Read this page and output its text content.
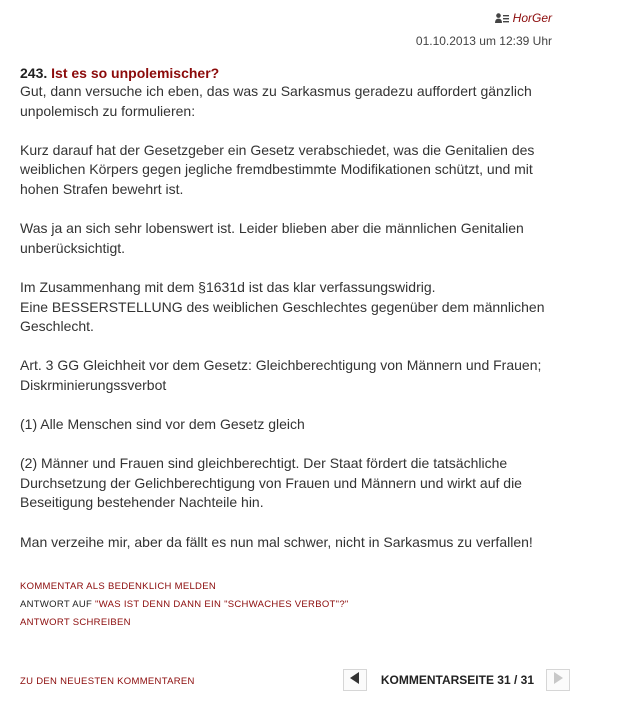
HorGer
01.10.2013 um 12:39 Uhr
243. Ist es so unpolemischer?

Gut, dann versuche ich eben, das was zu Sarkasmus geradezu auffordert gänzlich unpolemisch zu formulieren:

Kurz darauf hat der Gesetzgeber ein Gesetz verabschiedet, was die Genitalien des weiblichen Körpers gegen jegliche fremdbestimmte Modifikationen schützt, und mit hohen Strafen bewehrt ist.

Was ja an sich sehr lobenswert ist. Leider blieben aber die männlichen Genitalien unberücksichtigt.

Im Zusammenhang mit dem §1631d ist das klar verfassungswidrig.
Eine BESSERSTELLUNG des weiblichen Geschlechtes gegenüber dem männlichen Geschlecht.

Art. 3 GG Gleichheit vor dem Gesetz: Gleichberechtigung von Männern und Frauen; Diskrminierungssverbot

(1) Alle Menschen sind vor dem Gesetz gleich

(2) Männer und Frauen sind gleichberechtigt. Der Staat fördert die tatsächliche Durchsetzung der Gelichberechtigung von Frauen und Männern und wirkt auf die Beseitigung bestehender Nachteile hin.

Man verzeihe mir, aber da fällt es nun mal schwer, nicht in Sarkasmus zu verfallen!

KOMMENTAR ALS BEDENKLICH MELDEN
ANTWORT AUF "WAS IST DENN DANN EIN "SCHWACHES VERBOT"?"
ANTWORT SCHREIBEN
ZU DEN NEUESTEN KOMMENTAREN	KOMMENTARSEITE 31 / 31
